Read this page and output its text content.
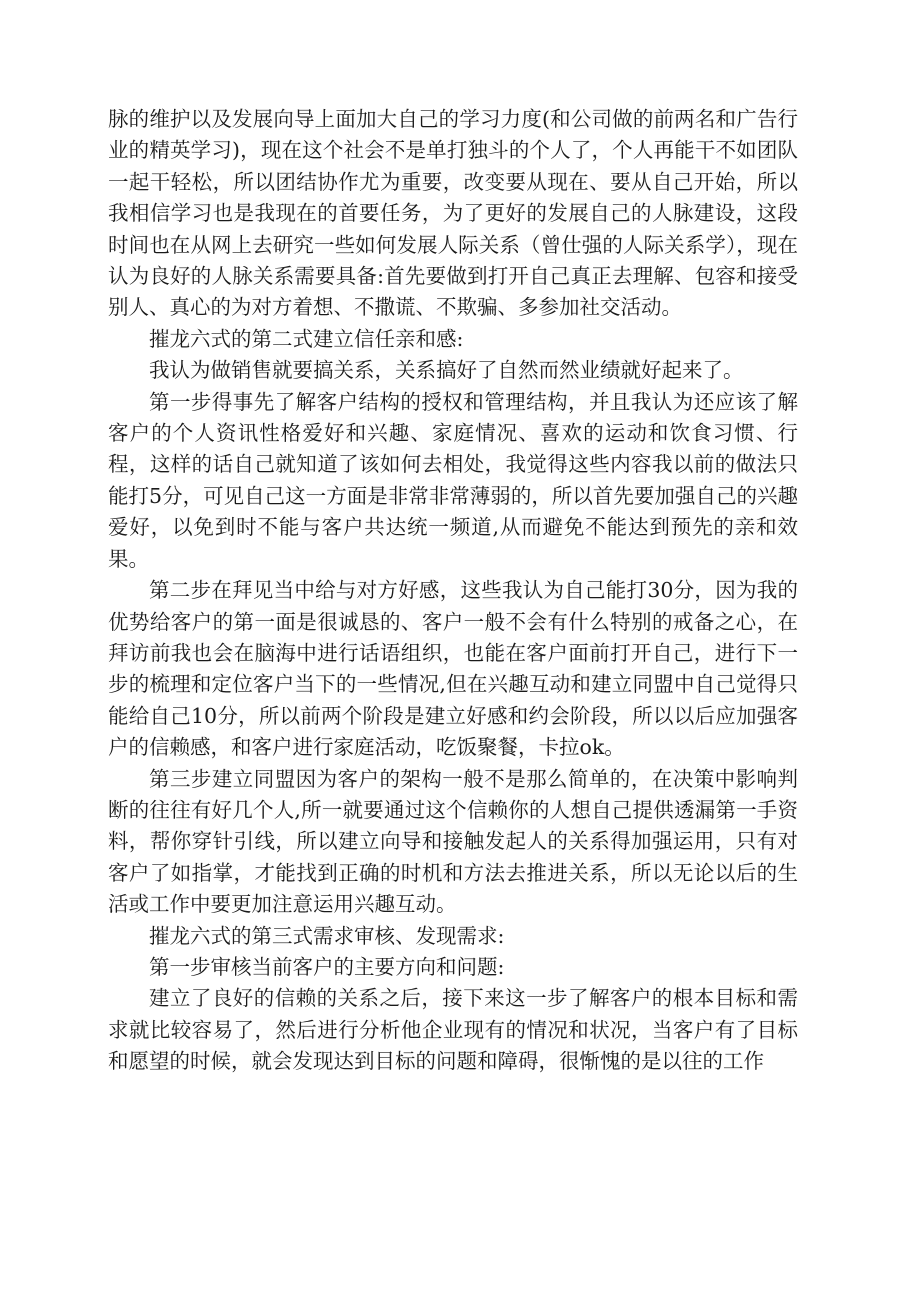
脉的维护以及发展向导上面加大自己的学习力度(和公司做的前两名和广告行业的精英学习)，现在这个社会不是单打独斗的个人了，个人再能干不如团队一起干轻松，所以团结协作尤为重要，改变要从现在、要从自己开始，所以我相信学习也是我现在的首要任务，为了更好的发展自己的人脉建设，这段时间也在从网上去研究一些如何发展人际关系（曾仕强的人际关系学），现在认为良好的人脉关系需要具备:首先要做到打开自己真正去理解、包容和接受别人、真心的为对方着想、不撒谎、不欺骗、多参加社交活动。

摧龙六式的第二式建立信任亲和感:

我认为做销售就要搞关系，关系搞好了自然而然业绩就好起来了。

第一步得事先了解客户结构的授权和管理结构，并且我认为还应该了解客户的个人资讯性格爱好和兴趣、家庭情况、喜欢的运动和饮食习惯、行程，这样的话自己就知道了该如何去相处，我觉得这些内容我以前的做法只能打5分，可见自己这一方面是非常非常薄弱的，所以首先要加强自己的兴趣爱好，以免到时不能与客户共达统一频道,从而避免不能达到预先的亲和效果。

第二步在拜见当中给与对方好感，这些我认为自己能打30分，因为我的优势给客户的第一面是很诚恳的、客户一般不会有什么特别的戒备之心，在拜访前我也会在脑海中进行话语组织，也能在客户面前打开自己，进行下一步的梳理和定位客户当下的一些情况,但在兴趣互动和建立同盟中自己觉得只能给自己10分，所以前两个阶段是建立好感和约会阶段，所以以后应加强客户的信赖感，和客户进行家庭活动，吃饭聚餐，卡拉ok。

第三步建立同盟因为客户的架构一般不是那么简单的，在决策中影响判断的往往有好几个人,所一就要通过这个信赖你的人想自己提供透漏第一手资料，帮你穿针引线，所以建立向导和接触发起人的关系得加强运用，只有对客户了如指掌，才能找到正确的时机和方法去推进关系，所以无论以后的生活或工作中要更加注意运用兴趣互动。

摧龙六式的第三式需求审核、发现需求:

第一步审核当前客户的主要方向和问题:

建立了良好的信赖的关系之后，接下来这一步了解客户的根本目标和需求就比较容易了，然后进行分析他企业现有的情况和状况，当客户有了目标和愿望的时候，就会发现达到目标的问题和障碍，很惭愧的是以往的工作
